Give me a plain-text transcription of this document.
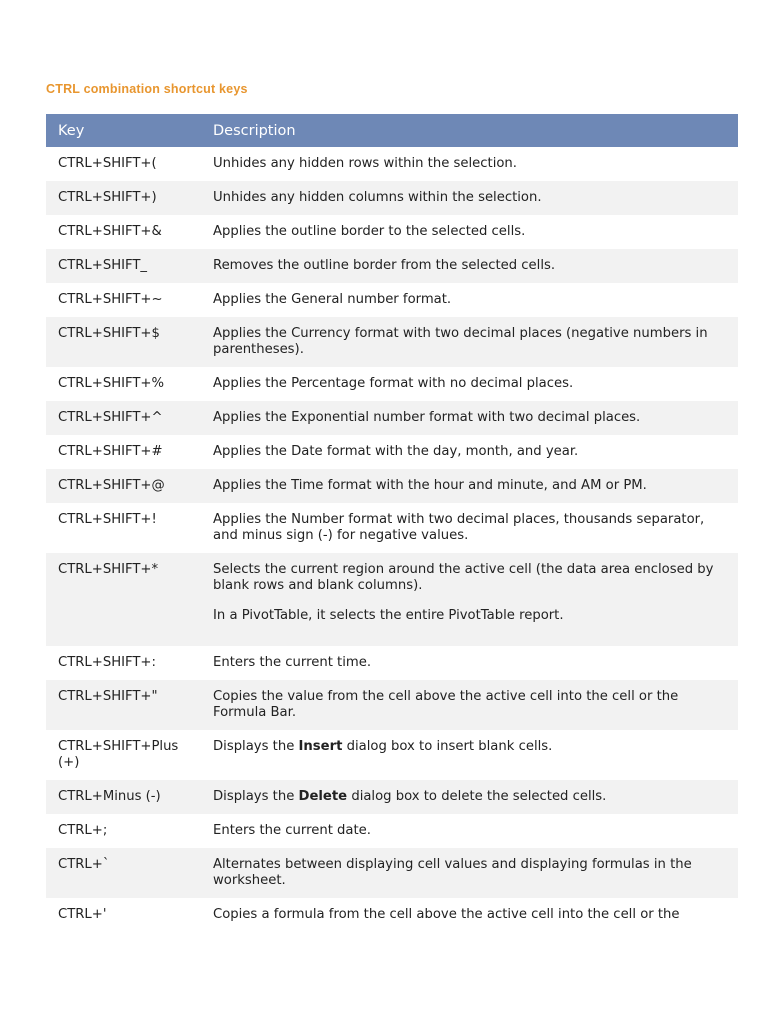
CTRL combination shortcut keys
Key	Description
CTRL+SHIFT+(	Unhides any hidden rows within the selection.

CTRL+SHIFT+)	Unhides any hidden columns within the selection.

CTRL+SHIFT+&	Applies the outline border to the selected cells.

CTRL+SHIFT_	Removes the outline border from the selected cells.

CTRL+SHIFT+~	Applies the General number format.

CTRL+SHIFT+$	Applies the Currency format with two decimal places (negative numbers in parentheses).

CTRL+SHIFT+%	Applies the Percentage format with no decimal places.

CTRL+SHIFT+^	Applies the Exponential number format with two decimal places.

CTRL+SHIFT+#	Applies the Date format with the day, month, and year.

CTRL+SHIFT+@	Applies the Time format with the hour and minute, and AM or PM.

CTRL+SHIFT+!	Applies the Number format with two decimal places, thousands separator, and minus sign (-) for negative values.

CTRL+SHIFT+*	Selects the current region around the active cell (the data area enclosed by blank rows and blank columns).
In a PivotTable, it selects the entire PivotTable report.

CTRL+SHIFT+:	Enters the current time.

CTRL+SHIFT+"	Copies the value from the cell above the active cell into the cell or the Formula Bar.

CTRL+SHIFT+Plus (+)	Displays the Insert dialog box to insert blank cells.

CTRL+Minus (-)	Displays the Delete dialog box to delete the selected cells.

CTRL+;	Enters the current date.

CTRL+`	Alternates between displaying cell values and displaying formulas in the worksheet.

CTRL+'	Copies a formula from the cell above the active cell into the cell or the
